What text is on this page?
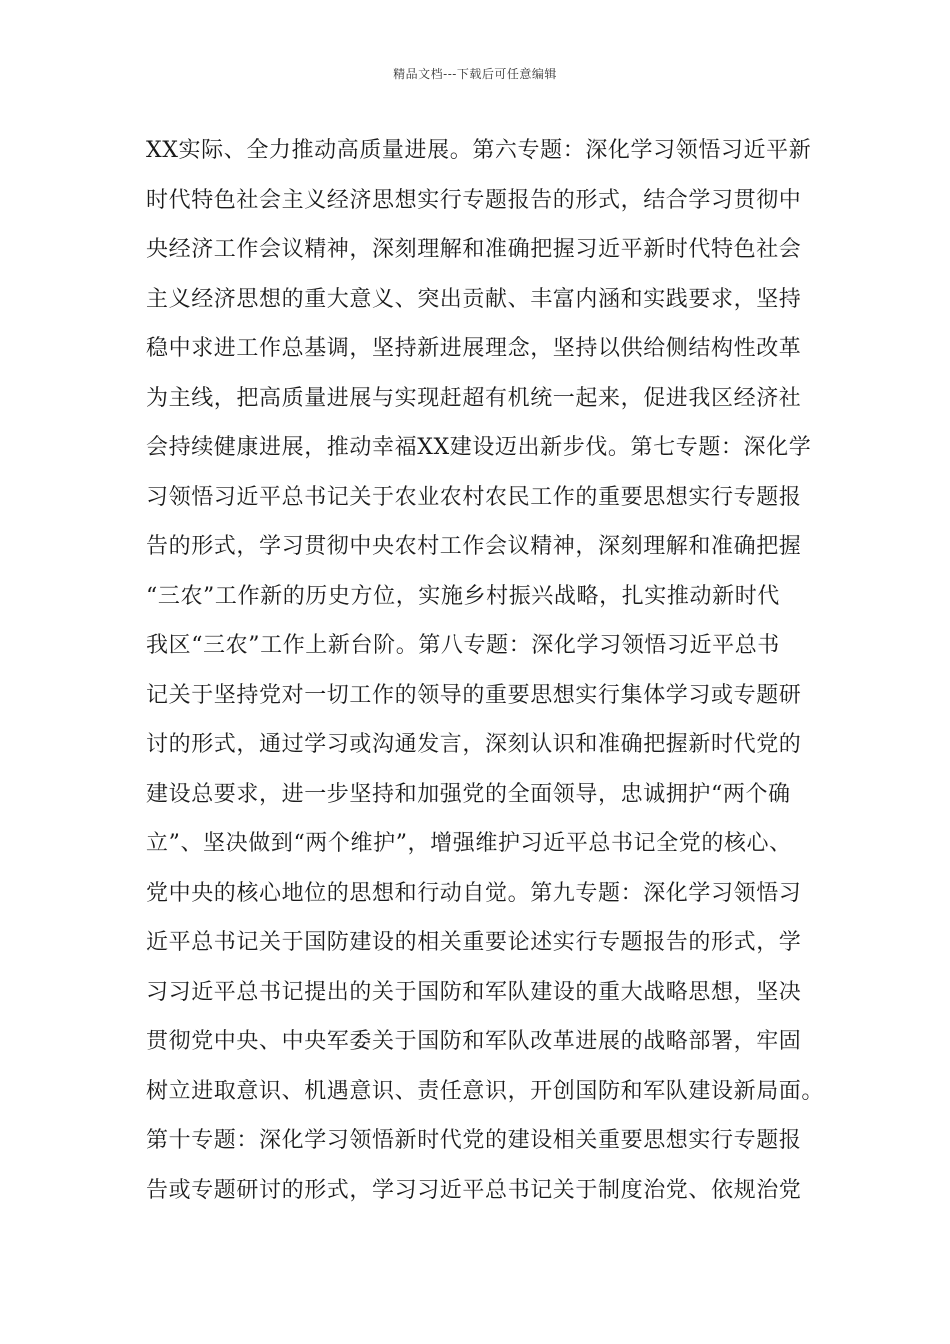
精品文档---下载后可任意编辑
XX实际、全力推动高质量进展。第六专题：深化学习领悟习近平新
时代特色社会主义经济思想实行专题报告的形式，结合学习贯彻中
央经济工作会议精神，深刻理解和准确把握习近平新时代特色社会
主义经济思想的重大意义、突出贡献、丰富内涵和实践要求，坚持
稳中求进工作总基调，坚持新进展理念，坚持以供给侧结构性改革
为主线，把高质量进展与实现赶超有机统一起来，促进我区经济社
会持续健康进展，推动幸福XX建设迈出新步伐。第七专题：深化学
习领悟习近平总书记关于农业农村农民工作的重要思想实行专题报
告的形式，学习贯彻中央农村工作会议精神，深刻理解和准确把握
“三农”工作新的历史方位，实施乡村振兴战略，扎实推动新时代
我区“三农”工作上新台阶。第八专题：深化学习领悟习近平总书
记关于坚持党对一切工作的领导的重要思想实行集体学习或专题研
讨的形式，通过学习或沟通发言，深刻认识和准确把握新时代党的
建设总要求，进一步坚持和加强党的全面领导，忠诚拥护“两个确
立”、坚决做到“两个维护”，增强维护习近平总书记全党的核心、
党中央的核心地位的思想和行动自觉。第九专题：深化学习领悟习
近平总书记关于国防建设的相关重要论述实行专题报告的形式，学
习习近平总书记提出的关于国防和军队建设的重大战略思想，坚决
贯彻党中央、中央军委关于国防和军队改革进展的战略部署，牢固
树立进取意识、机遇意识、责任意识，开创国防和军队建设新局面。
第十专题：深化学习领悟新时代党的建设相关重要思想实行专题报
告或专题研讨的形式，学习习近平总书记关于制度治党、依规治党
